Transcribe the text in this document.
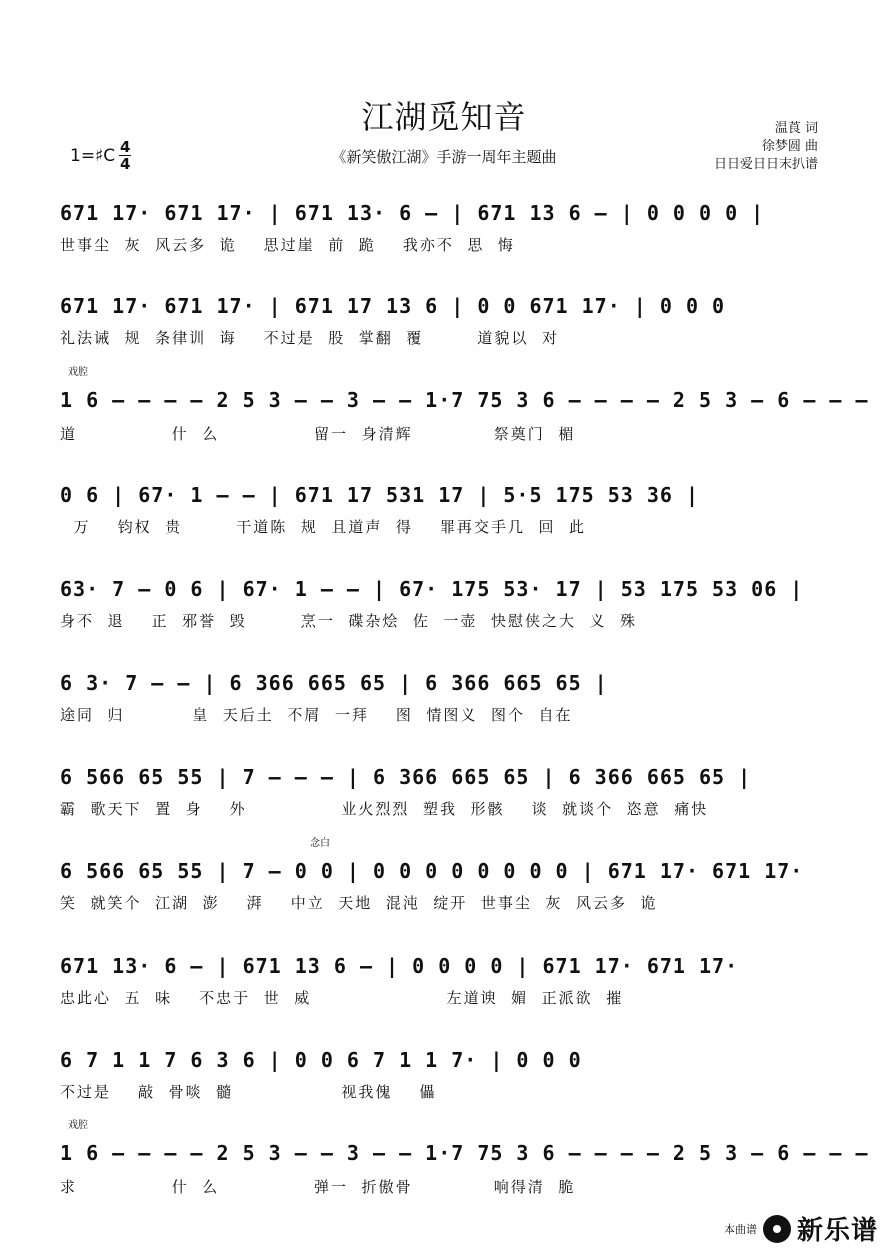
江湖觅知音
《新笑傲江湖》手游一周年主题曲
1=♯C 4
4
温莨 词
徐梦圆 曲
日日爱日日末扒谱
671 17· 671 17· | 671 13· 6 – | 671 13 6 – | 0 0 0 0 |
世事尘  灰  风云多  诡    思过崖  前  跪    我亦不  思  悔
671 17· 671 17· | 671 17 13 6 | 0 0 671 17· | 0 0 0
礼法诫  规  条律训  诲    不过是  股  掌翻  覆        道貌以  对
戏腔
1 6 – – – – 2 5 3 – – 3 – – 1·7 75 3 6 – – – – 2 5 3 – 6 – – –
道              什  么              留一  身清辉            祭奠门  楣
0 6 | 67· 1 – – | 671 17 531 17 | 5·5 175 53 36 |
万    钧权  贵        干道陈  规  且道声  得    罪再交手几  回  此
63· 7 – 0 6 | 67· 1 – – | 67· 175 53· 17 | 53 175 53 06 |
身不  退    正  邪誉  毁        烹一  碟杂烩  佐  一壶  快慰侠之大  义  殊
6 3· 7 – – | 6 366 665 65 | 6 366 665 65 |
途同  归          皇  天后土  不屑  一拜    图  情图义  图个  自在
6 566 65 55 | 7 – – – | 6 366 665 65 | 6 366 665 65 |
霸  歌天下  置  身    外              业火烈烈  塑我  形骸    谈  就谈个  恣意  痛快
念白
6 566 65 55 | 7 – 0 0 | 0 0 0 0 0 0 0 0 | 671 17· 671 17·
笑  就笑个  江湖  澎    湃    中立  天地  混沌  绽开  世事尘  灰  风云多  诡
671 13· 6 – | 671 13 6 – | 0 0 0 0 | 671 17· 671 17·
忠此心  五  味    不忠于  世  威                    左道谀  媚  正派欲  摧
6 7 1 1 7 6 3 6 | 0 0 6 7 1 1 7· | 0 0 0
不过是    敲  骨啖  髓                视我傀    儡
戏腔
1 6 – – – – 2 5 3 – – 3 – – 1·7 75 3 6 – – – – 2 5 3 – 6 – – –
求              什  么              弹一  折傲骨            响得清  脆
本曲谱 新乐谱
